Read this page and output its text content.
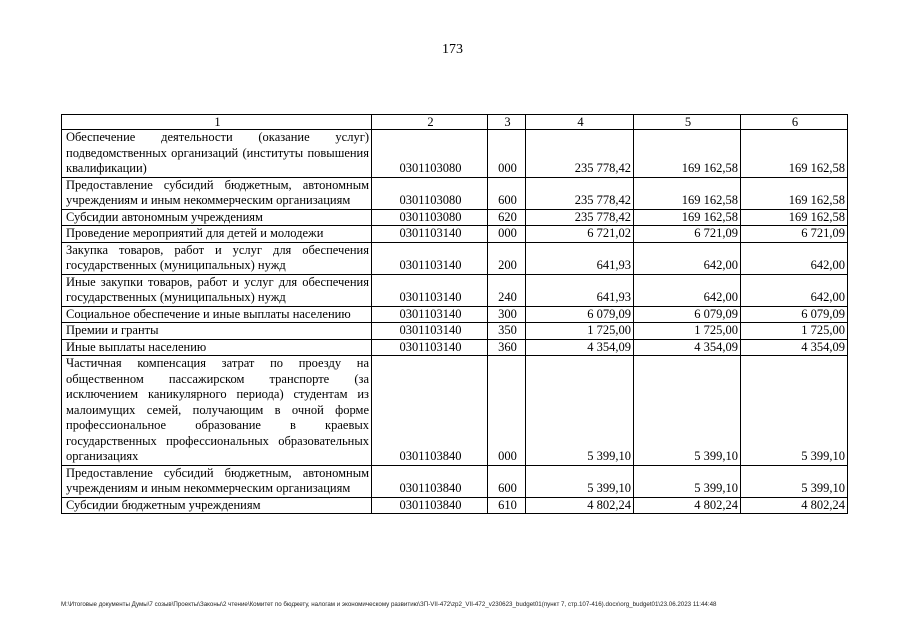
173
1	2	3	4	5	6
Обеспечение деятельности (оказание услуг) подведомственных организаций (институты повышения квалификации)	0301103080	000	235 778,42	169 162,58	169 162,58
Предоставление субсидий бюджетным, автономным учреждениям и иным некоммерческим организациям	0301103080	600	235 778,42	169 162,58	169 162,58
Субсидии автономным учреждениям	0301103080	620	235 778,42	169 162,58	169 162,58
Проведение мероприятий для детей и молодежи	0301103140	000	6 721,02	6 721,09	6 721,09
Закупка товаров, работ и услуг для обеспечения государственных (муниципальных) нужд	0301103140	200	641,93	642,00	642,00
Иные закупки товаров, работ и услуг для обеспечения государственных (муниципальных) нужд	0301103140	240	641,93	642,00	642,00
Социальное обеспечение и иные выплаты населению	0301103140	300	6 079,09	6 079,09	6 079,09
Премии и гранты	0301103140	350	1 725,00	1 725,00	1 725,00
Иные выплаты населению	0301103140	360	4 354,09	4 354,09	4 354,09
Частичная компенсация затрат по проезду на общественном пассажирском транспорте (за исключением каникулярного периода) студентам из малоимущих семей, получающим в очной форме профессиональное образование в краевых государственных профессиональных образовательных организациях	0301103840	000	5 399,10	5 399,10	5 399,10
Предоставление субсидий бюджетным, автономным учреждениям и иным некоммерческим организациям	0301103840	600	5 399,10	5 399,10	5 399,10
Субсидии бюджетным учреждениям	0301103840	610	4 802,24	4 802,24	4 802,24
M:\Итоговые документы Думы\7 созыв\Проекты\Законы\2 чтение\Комитет по бюджету, налогам и экономическому развитию\ЗП-VII-472\zp2_VII-472_v230623_budget01(пункт 7, стр.107-416).docx\org_budget01\23.06.2023 11:44:48
